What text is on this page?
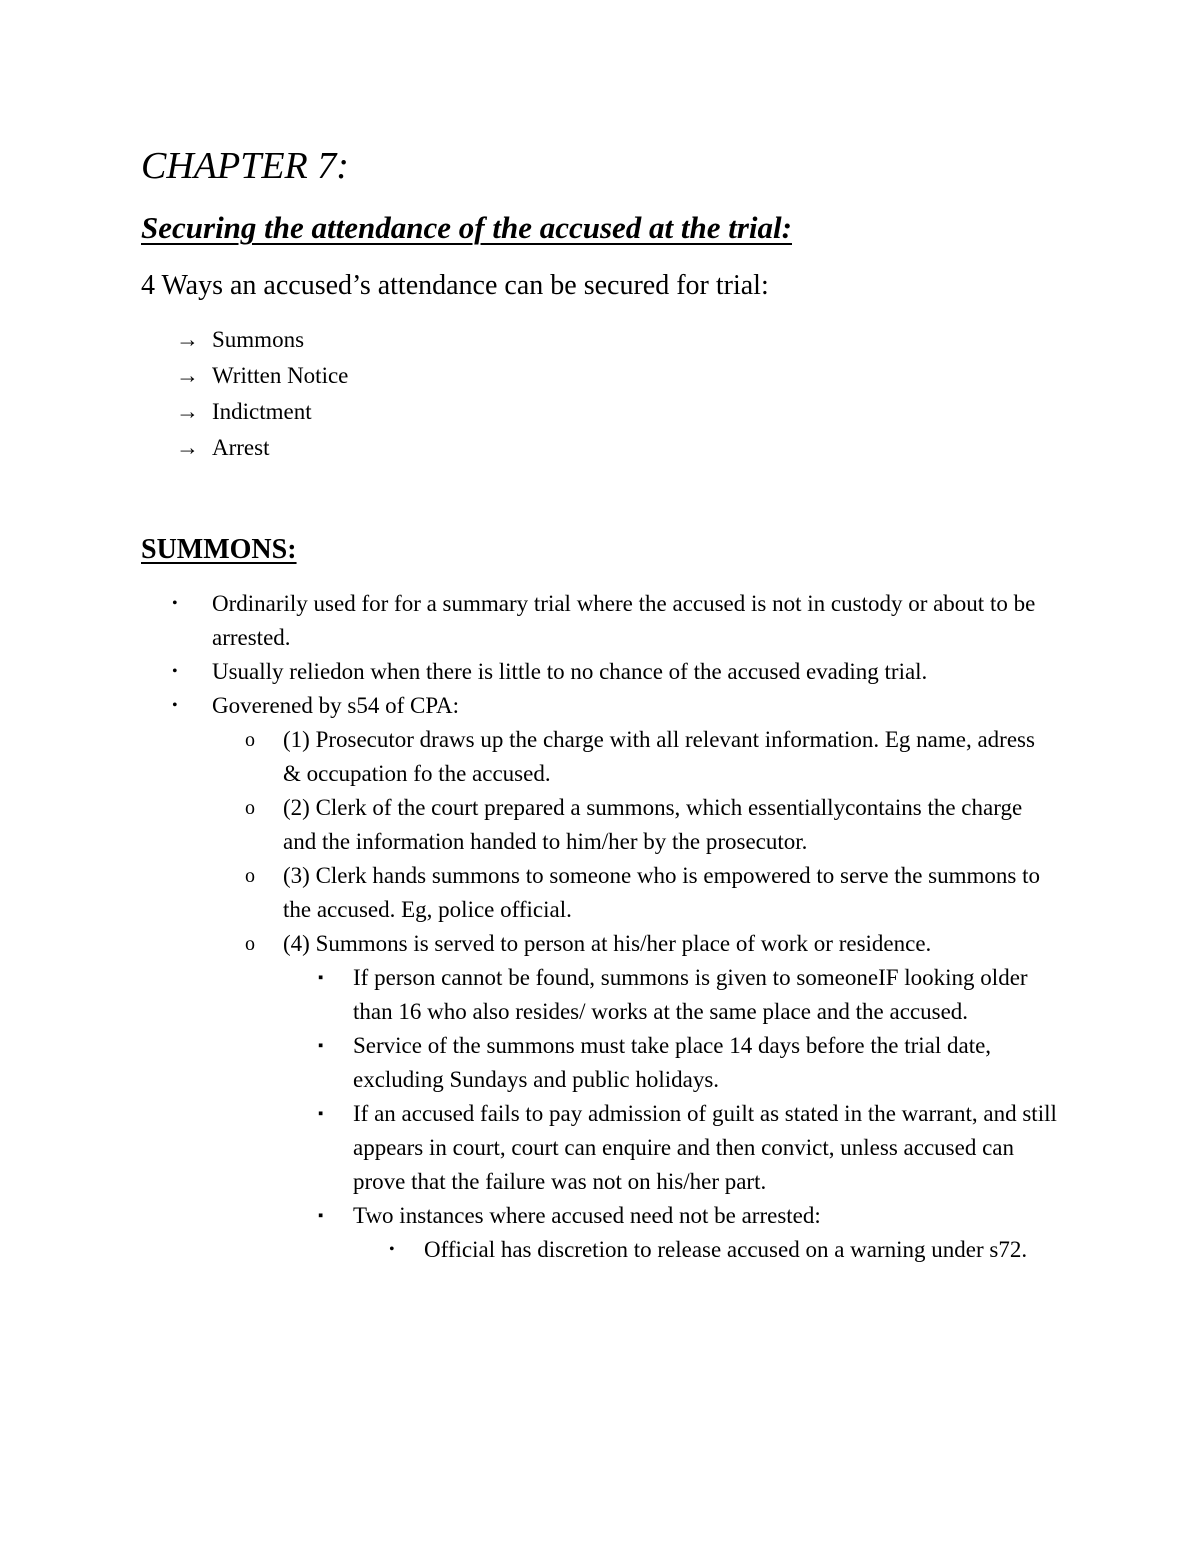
CHAPTER 7:
Securing the attendance of the accused at the trial:

4 Ways an accused’s attendance can be secured for trial:

→ Summons
→ Written Notice
→ Indictment
→ Arrest
SUMMONS:
• Ordinarily used for for a summary trial where the accused is not in custody or about to be arrested.
• Usually reliedon when there is little to no chance of the accused evading trial.
• Goverened by s54 of CPA:
o (1) Prosecutor draws up the charge with all relevant information. Eg name, adress & occupation fo the accused.
o (2) Clerk of the court prepared a summons, which essentiallycontains the charge and the information handed to him/her by the prosecutor.
o (3) Clerk hands summons to someone who is empowered to serve the summons to the accused. Eg, police official.
o (4) Summons is served to person at his/her place of work or residence.
▪ If person cannot be found, summons is given to someoneIF looking older than 16 who also resides/ works at the same place and the accused.
▪ Service of the summons must take place 14 days before the trial date, excluding Sundays and public holidays.
▪ If an accused fails to pay admission of guilt as stated in the warrant, and still appears in court, court can enquire and then convict, unless accused can prove that the failure was not on his/her part.
▪ Two instances where accused need not be arrested:
• Official has discretion to release accused on a warning under s72.
